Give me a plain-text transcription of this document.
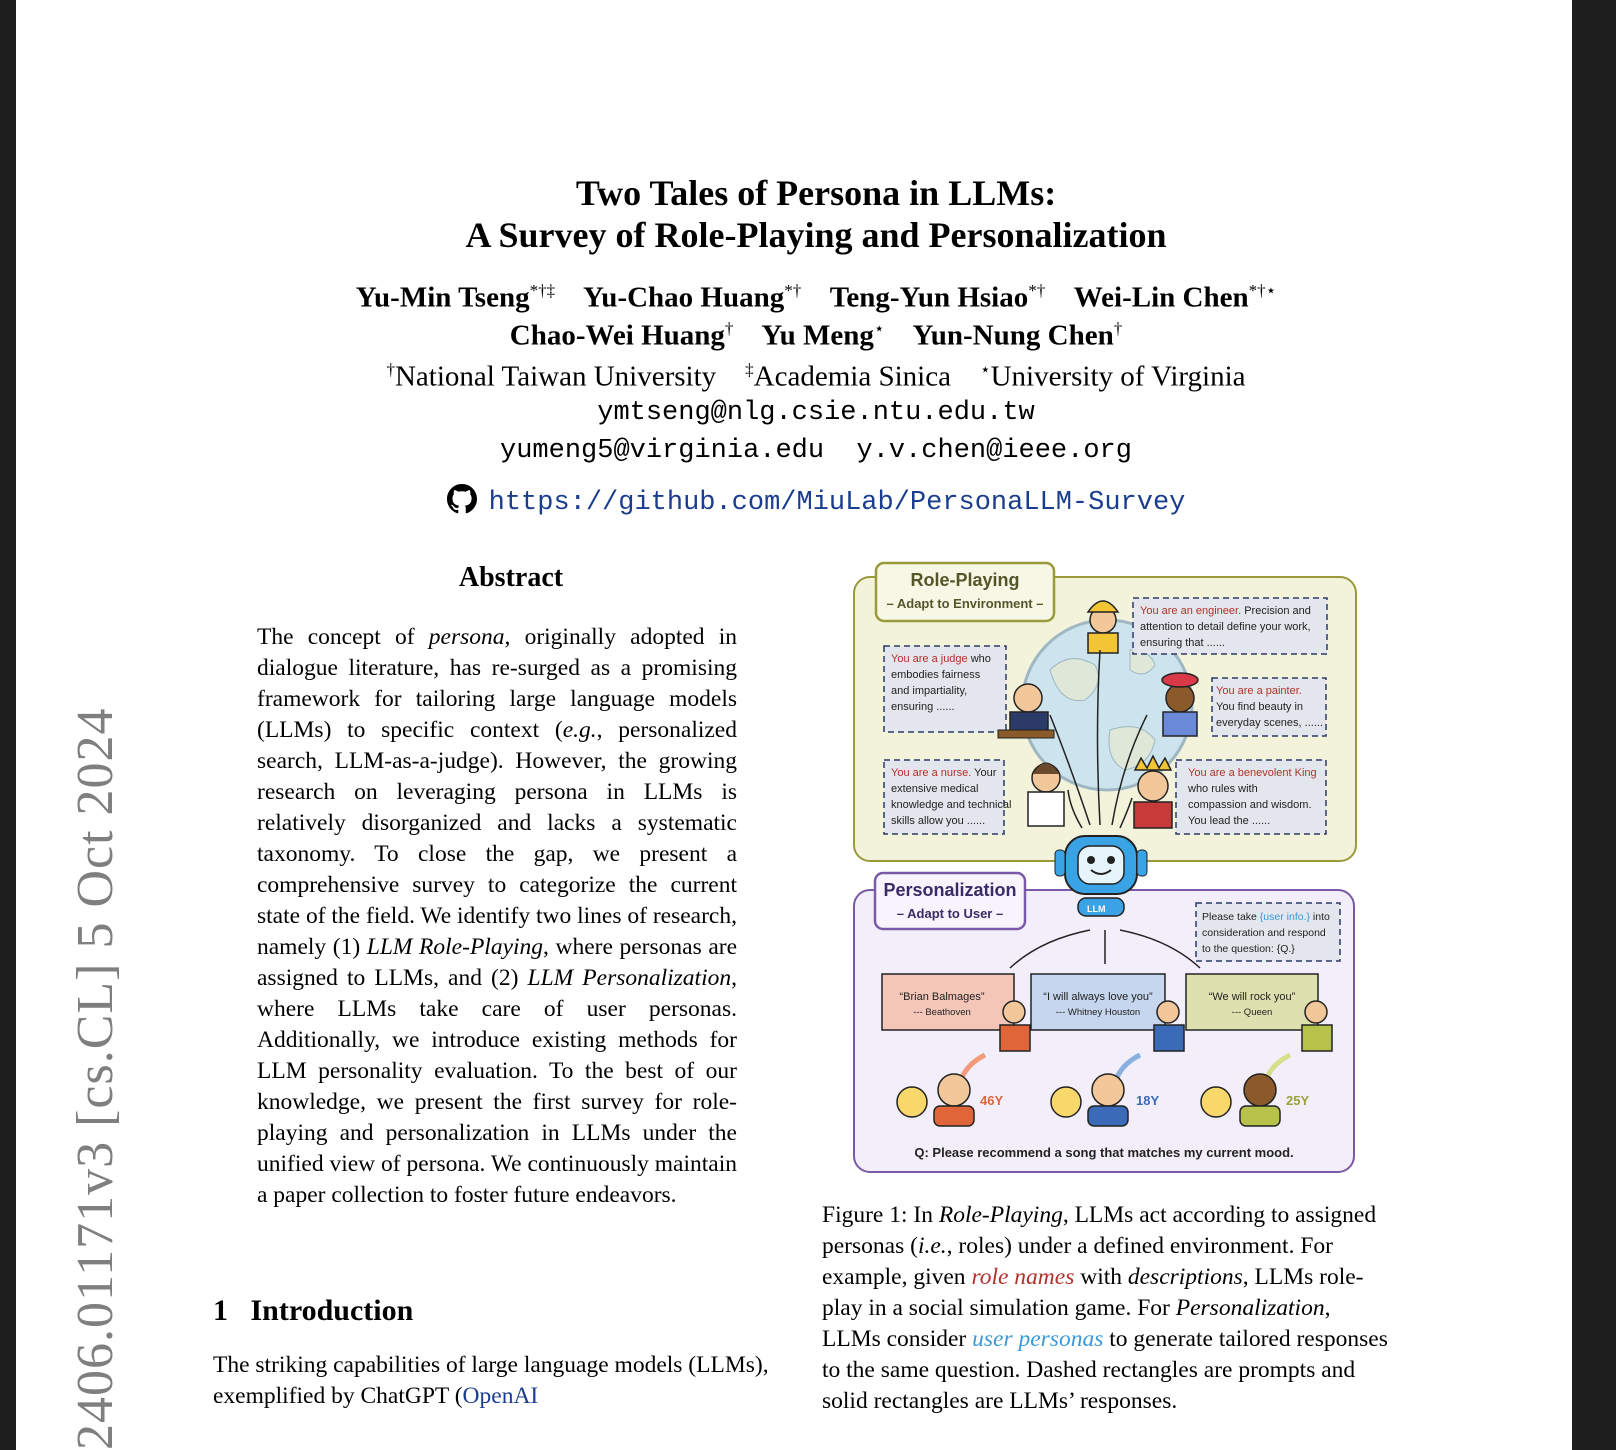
Two Tales of Persona in LLMs:
A Survey of Role-Playing and Personalization
Yu-Min Tseng*†‡ Yu-Chao Huang*† Teng-Yun Hsiao*† Wei-Lin Chen*†⋆
Chao-Wei Huang† Yu Meng⋆ Yun-Nung Chen†
†National Taiwan University ‡Academia Sinica ⋆University of Virginia
ymtseng@nlg.csie.ntu.edu.tw
yumeng5@virginia.edu y.v.chen@ieee.org
https://github.com/MiuLab/PersonaLLM-Survey
Abstract
The concept of persona, originally adopted in dialogue literature, has re-surged as a promising framework for tailoring large language models (LLMs) to specific context (e.g., personalized search, LLM-as-a-judge). However, the growing research on leveraging persona in LLMs is relatively disorganized and lacks a systematic taxonomy. To close the gap, we present a comprehensive survey to categorize the current state of the field. We identify two lines of research, namely (1) LLM Role-Playing, where personas are assigned to LLMs, and (2) LLM Personalization, where LLMs take care of user personas. Additionally, we introduce existing methods for LLM personality evaluation. To the best of our knowledge, we present the first survey for role-playing and personalization in LLMs under the unified view of persona. We continuously maintain a paper collection to foster future endeavors.
1 Introduction
The striking capabilities of large language models (LLMs), exemplified by ChatGPT (OpenAI
Role-Playing
– Adapt to Environment –	You are an engineer. Precision and
attention to detail define your work,
ensuring that ......
You are a judge who
embodies fairness
and impartiality,
ensuring ......
You are a painter.
You find beauty in
everyday scenes, ......
You are a nurse. Your
extensive medical
knowledge and technical
skills allow you ......
You are a benevolent King
who rules with
compassion and wisdom.
You lead the ......
Personalization
– Adapt to User –	LLM
Please take {user info.} into
consideration and respond
to the question: {Q.}
“Brian Balmages”
--- Beathoven
“I will always love you”
--- Whitney Houston
“We will rock you”
--- Queen
46Y	18Y	25Y
Q: Please recommend a song that matches my current mood.
Figure 1: In Role-Playing, LLMs act according to assigned personas (i.e., roles) under a defined environment. For example, given role names with descriptions, LLMs role-play in a social simulation game. For Personalization, LLMs consider user personas to generate tailored responses to the same question. Dashed rectangles are prompts and solid rectangles are LLMs’ responses.
2406.01171v3 [cs.CL] 5 Oct 2024
